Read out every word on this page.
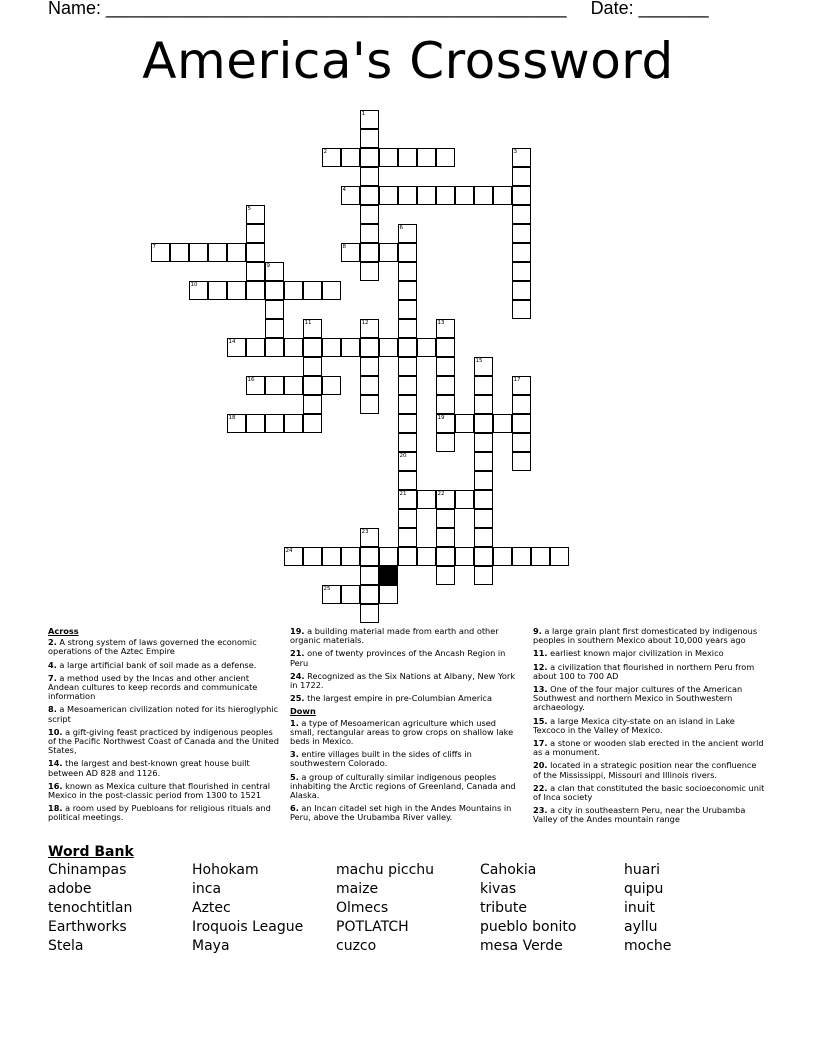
Name: ______________________________________________ Date: _______
America's Crossword
1
2	3
4
5
6
7	8
9
10
11	12	13
14
15
16	17
18	19
20
21	22
23
24
25
Across
2. A strong system of laws governed the economic operations of the Aztec Empire
4. a large artificial bank of soil made as a defense.
7. a method used by the Incas and other ancient Andean cultures to keep records and communicate information
8. a Mesoamerican civilization noted for its hieroglyphic script
10. a gift-giving feast practiced by indigenous peoples of the Pacific Northwest Coast of Canada and the United States,
14. the largest and best-known great house built between AD 828 and 1126.
16. known as Mexica culture that flourished in central Mexico in the post-classic period from 1300 to 1521
18. a room used by Puebloans for religious rituals and political meetings.
19. a building material made from earth and other organic materials.
21. one of twenty provinces of the Ancash Region in Peru
24. Recognized as the Six Nations at Albany, New York in 1722.
25. the largest empire in pre-Columbian America
Down
1. a type of Mesoamerican agriculture which used small, rectangular areas to grow crops on shallow lake beds in Mexico.
3. entire villages built in the sides of cliffs in southwestern Colorado.
5. a group of culturally similar indigenous peoples inhabiting the Arctic regions of Greenland, Canada and Alaska.
6. an Incan citadel set high in the Andes Mountains in Peru, above the Urubamba River valley.
9. a large grain plant first domesticated by indigenous peoples in southern Mexico about 10,000 years ago
11. earliest known major civilization in Mexico
12. a civilization that flourished in northern Peru from about 100 to 700 AD
13. One of the four major cultures of the American Southwest and northern Mexico in Southwestern archaeology.
15. a large Mexica city-state on an island in Lake Texcoco in the Valley of Mexico.
17. a stone or wooden slab erected in the ancient world as a monument.
20. located in a strategic position near the confluence of the Mississippi, Missouri and Illinois rivers.
22. a clan that constituted the basic socioeconomic unit of Inca society
23. a city in southeastern Peru, near the Urubamba Valley of the Andes mountain range
Word Bank
Chinampas	Hohokam	machu picchu	Cahokia	huari
adobe	inca	maize	kivas	quipu
tenochtitlan	Aztec	Olmecs	tribute	inuit
Earthworks	Iroquois League	POTLATCH	pueblo bonito	ayllu
Stela	Maya	cuzco	mesa Verde	moche
